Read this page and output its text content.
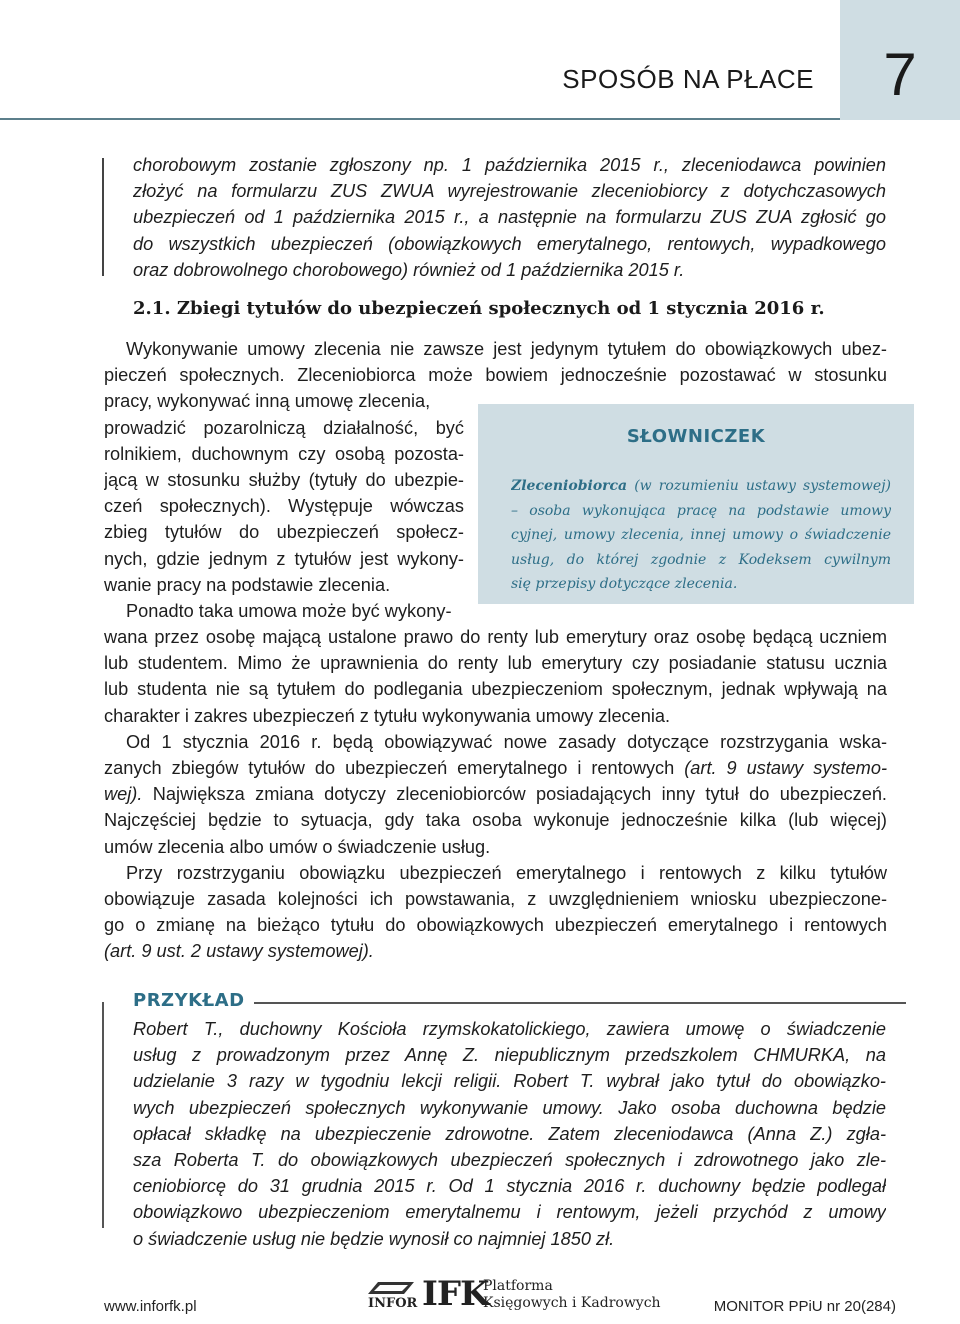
7
SPOSÓB NA PŁACE
chorobowym zostanie zgłoszony np. 1 października 2015 r., zleceniodawca powinien
złożyć na formularzu ZUS ZWUA wyrejestrowanie zleceniobiorcy z dotychczasowych
ubezpieczeń od 1 października 2015 r., a następnie na formularzu ZUS ZUA zgłosić go
do wszystkich ubezpieczeń (obowiązkowych emerytalnego, rentowych, wypadkowego
oraz dobrowolnego chorobowego) również od 1 października 2015 r.
2.1. Zbiegi tytułów do ubezpieczeń społecznych od 1 stycznia 2016 r.
SŁOWNICZEK
Zleceniobiorca (w rozumieniu ustawy systemowej)
– osoba wykonująca pracę na podstawie umowy
cyjnej, umowy zlecenia, innej umowy o świadczenie
usług, do której zgodnie z Kodeksem cywilnym
się przepisy dotyczące zlecenia.
Wykonywanie umowy zlecenia nie zawsze jest jedynym tytułem do obowiązkowych ubez-
pieczeń społecznych. Zleceniobiorca może bowiem jednocześnie pozostawać w stosunku
pracy, wykonywać inną umowę zlecenia,
prowadzić pozarolniczą działalność, być
rolnikiem, duchownym czy osobą pozosta-
jącą w stosunku służby (tytuły do ubezpie-
czeń społecznych). Występuje wówczas
zbieg tytułów do ubezpieczeń społecz-
nych, gdzie jednym z tytułów jest wykony-
wanie pracy na podstawie zlecenia.
Ponadto taka umowa może być wykony-
wana przez osobę mającą ustalone prawo do renty lub emerytury oraz osobę będącą uczniem
lub studentem. Mimo że uprawnienia do renty lub emerytury czy posiadanie statusu ucznia
lub studenta nie są tytułem do podlegania ubezpieczeniom społecznym, jednak wpływają na
charakter i zakres ubezpieczeń z tytułu wykonywania umowy zlecenia.
Od 1 stycznia 2016 r. będą obowiązywać nowe zasady dotyczące rozstrzygania wska-
zanych zbiegów tytułów do ubezpieczeń emerytalnego i rentowych (art. 9 ustawy systemo-
wej). Największa zmiana dotyczy zleceniobiorców posiadających inny tytuł do ubezpieczeń.
Najczęściej będzie to sytuacja, gdy taka osoba wykonuje jednocześnie kilka (lub więcej)
umów zlecenia albo umów o świadczenie usług.
Przy rozstrzyganiu obowiązku ubezpieczeń emerytalnego i rentowych z kilku tytułów
obowiązuje zasada kolejności ich powstawania, z uwzględnieniem wniosku ubezpieczone-
go o zmianę na bieżąco tytułu do obowiązkowych ubezpieczeń emerytalnego i rentowych
(art. 9 ust. 2 ustawy systemowej).
PRZYKŁAD
Robert T., duchowny Kościoła rzymskokatolickiego, zawiera umowę o świadczenie
usług z prowadzonym przez Annę Z. niepublicznym przedszkolem CHMURKA, na
udzielanie 3 razy w tygodniu lekcji religii. Robert T. wybrał jako tytuł do obowiązko-
wych ubezpieczeń społecznych wykonywanie umowy. Jako osoba duchowna będzie
opłacał składkę na ubezpieczenie zdrowotne. Zatem zleceniodawca (Anna Z.) zgła-
sza Roberta T. do obowiązkowych ubezpieczeń społecznych i zdrowotnego jako zle-
ceniobiorcę do 31 grudnia 2015 r. Od 1 stycznia 2016 r. duchowny będzie podlegał
obowiązkowo ubezpieczeniom emerytalnemu i rentowym, jeżeli przychód z umowy
o świadczenie usług nie będzie wynosił co najmniej 1850 zł.
www.inforfk.pl	INFOR IFK
Platforma
Księgowych i Kadrowych	MONITOR PPiU nr 20(284)
